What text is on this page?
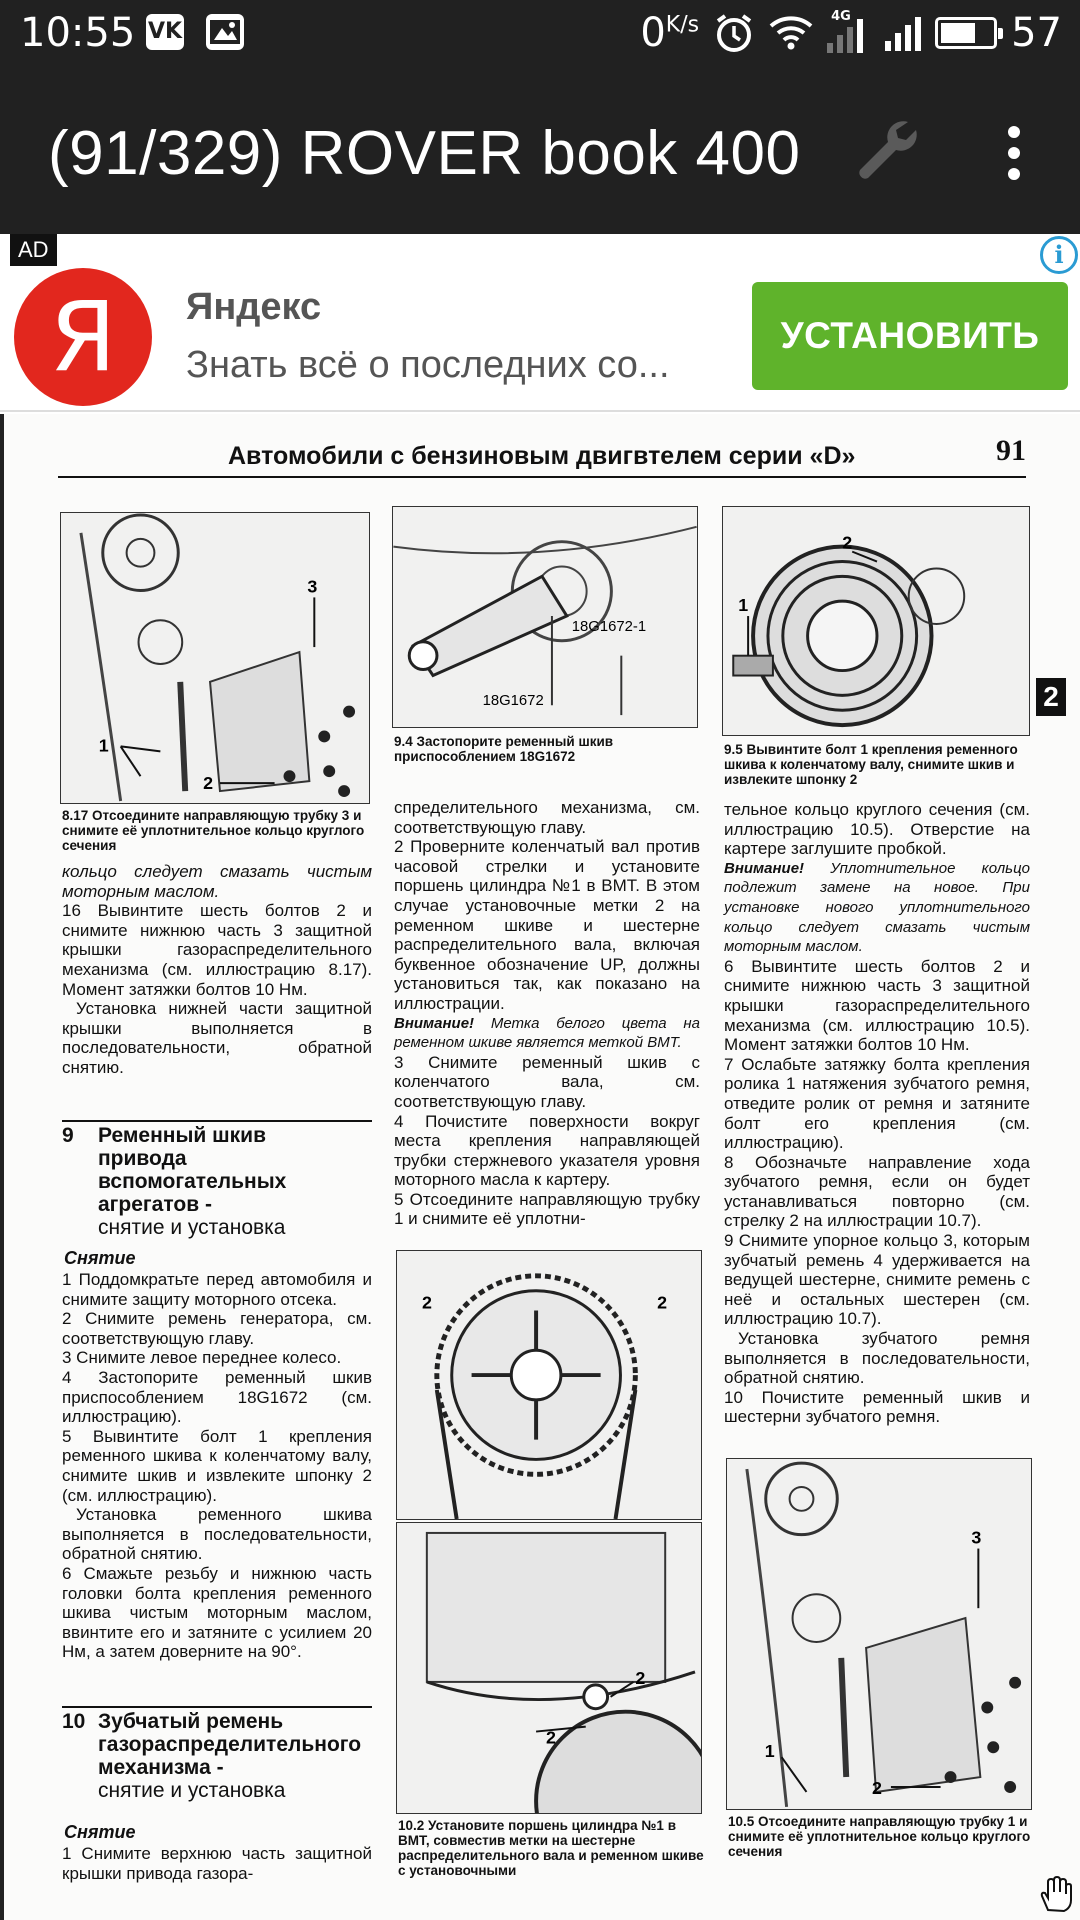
10:55 VK	$0^{K/s}$	4G	57
(91/329) ROVER book 400
AD	i
Я	Яндекс
Знать всё о последних со...
УСТАНОВИТЬ
Автомобили с бензиновым двигвтелем серии «D»	91
2
3
1
2
8.17 Отсоедините направляющую трубку 3 и снимите её уплотнительное кольцо круглого сечения
18G1672-1
18G1672
9.4 Застопорите ременный шкив приспособлением 18G1672
2
1
9.5 Вывинтите болт 1 крепления ременного шкива к коленчатому валу, снимите шкив и извлеките шпонку 2

кольцо следует смазать чистым моторным маслом.

16 Вывинтите шесть болтов 2 и снимите нижнюю часть 3 защитной крышки газораспределительного механизма (см. иллюстрацию 8.17). Момент затяжки болтов 10 Нм.

Установка нижней части защитной крышки выполняется в последовательности, обратной снятию.

9 Ременный шкив привода вспомогательных агрегатов -
снятие и установка
Снятие

1 Поддомкратьте перед автомобиля и снимите защиту моторного отсека.

2 Снимите ремень генератора, см. соответствующую главу.

3 Снимите левое переднее колесо.

4 Застопорите ременный шкив приспособлением 18G1672 (см. иллюстрацию).

5 Вывинтите болт 1 крепления ременного шкива к коленчатому валу, снимите шкив и извлеките шпонку 2 (см. иллюстрацию).

Установка ременного шкива выполняется в последовательности, обратной снятию.

6 Смажьте резьбу и нижнюю часть головки болта крепления ременного шкива чистым моторным маслом, ввинтите его и затяните с усилием 20 Нм, а затем доверните на 90°.

10 Зубчатый ремень газораспределительного механизма -
снятие и установка
Снятие

1 Снимите верхнюю часть защитной крышки привода газора-

спределительного механизма, см. соответствующую главу.

2 Проверните коленчатый вал против часовой стрелки и установите поршень цилиндра №1 в ВМТ. В этом случае установочные метки 2 на ременном шкиве и шестерне распределительного вала, включая буквенное обозначение UP, должны установиться так, как показано на иллюстрации.

Внимание! Метка белого цвета на ременном шкиве является меткой ВМТ.

3 Снимите ременный шкив с коленчатого вала, см. соответствующую главу.

4 Почистите поверхности вокруг места крепления направляющей трубки стержневого указателя уровня моторного масла к картеру.

5 Отсоедините направляющую трубку 1 и снимите её уплотни-

2	2
2
2
10.2 Установите поршень цилиндра №1 в ВМТ, совместив метки на шестерне распределительного вала и ременном шкиве с установочными

тельное кольцо круглого сечения (см. иллюстрацию 10.5). Отверстие на картере заглушите пробкой.

Внимание! Уплотнительное кольцо подлежит замене на новое. При установке нового уплотнительного кольцо следует смазать чистым моторным маслом.

6 Вывинтите шесть болтов 2 и снимите нижнюю часть 3 защитной крышки газораспределительного механизма (см. иллюстрацию 10.5). Момент затяжки болтов 10 Нм.

7 Ослабьте затяжку болта крепления ролика 1 натяжения зубчатого ремня, отведите ролик от ремня и затяните болт его крепления (см. иллюстрацию).

8 Обозначьте направление хода зубчатого ремня, если он будет устанавливаться повторно (см. стрелку 2 на иллюстрации 10.7).

9 Снимите упорное кольцо 3, которым зубчатый ремень 4 удерживается на ведущей шестерне, снимите ремень с неё и остальных шестерен (см. иллюстрацию 10.7).

Установка зубчатого ремня выполняется в последовательности, обратной снятию.

10 Почистите ременный шкив и шестерни зубчатого ремня.

3
1
2
10.5 Отсоедините направляющую трубку 1 и снимите её уплотнительное кольцо круглого сечения
